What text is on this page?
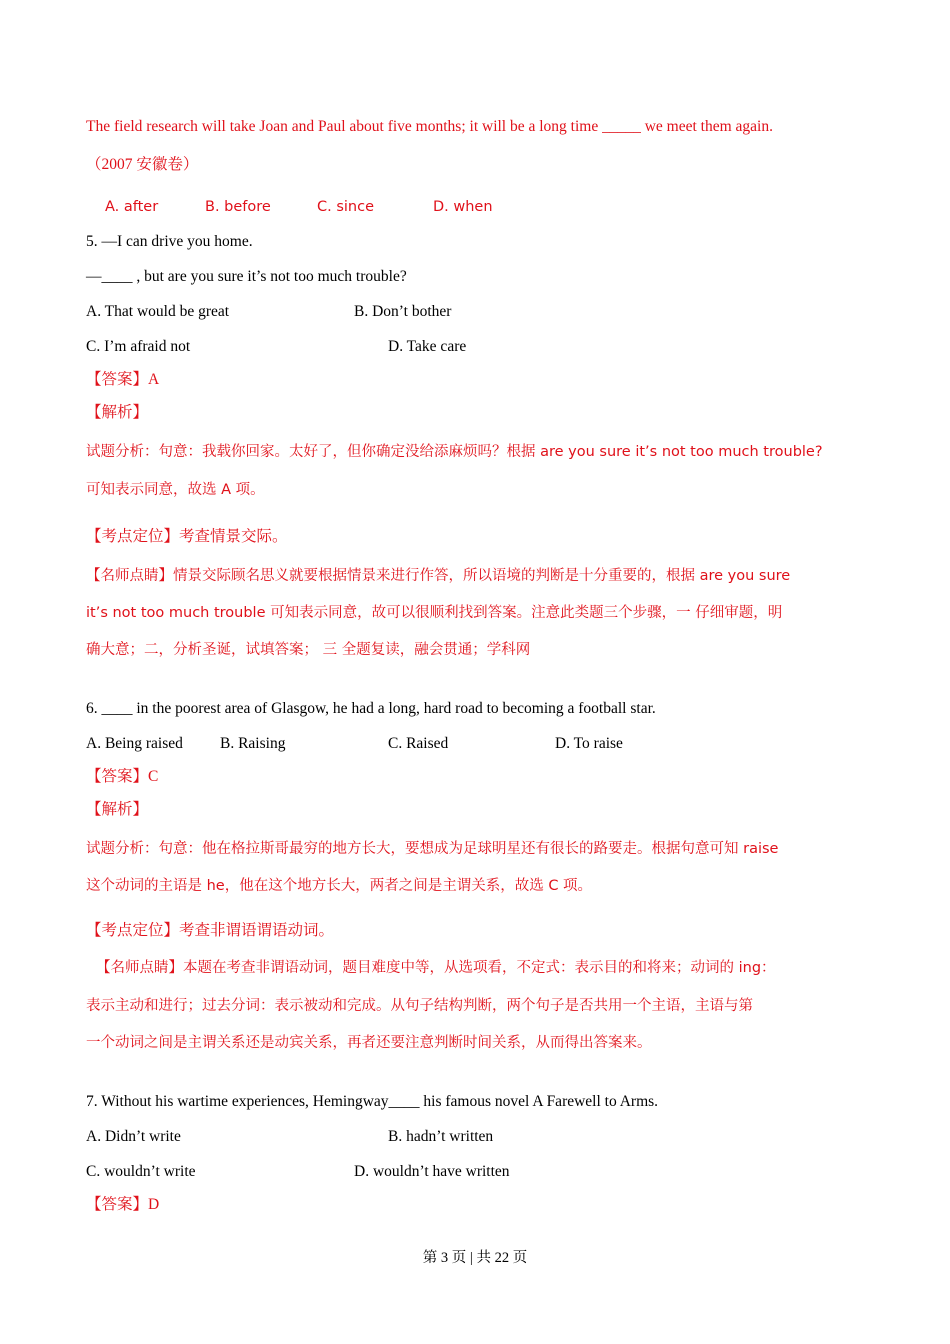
The field research will take Joan and Paul about five months; it will be a long time _____ we meet them again.
（2007 安徽卷）
A. after	B. before	C. since	D. when
5. —I can drive you home.
—____ , but are you sure it’s not too much trouble?
A. That would be great	B. Don’t bother
C. I’m afraid not	D. Take care
【答案】A
【解析】
试题分析：句意：我载你回家。太好了，但你确定没给添麻烦吗？根据 are you sure it’s not too much trouble?
可知表示同意，故选 A 项。
【考点定位】考查情景交际。
【名师点睛】情景交际顾名思义就要根据情景来进行作答，所以语境的判断是十分重要的，根据 are you sure
it’s not too much trouble 可知表示同意，故可以很顺利找到答案。注意此类题三个步骤，一 仔细审题，明
确大意；二，分析圣诞，试填答案； 三 全题复读，融会贯通；学科网
6. ____ in the poorest area of Glasgow, he had a long, hard road to becoming a football star.
A. Being raised B. Raising	C. Raised	D. To raise
【答案】C
【解析】
试题分析：句意：他在格拉斯哥最穷的地方长大，要想成为足球明星还有很长的路要走。根据句意可知 raise
这个动词的主语是 he，他在这个地方长大，两者之间是主谓关系，故选 C 项。
【考点定位】考查非谓语谓语动词。
【名师点睛】本题在考查非谓语动词，题目难度中等，从选项看，不定式：表示目的和将来；动词的 ing：
表示主动和进行；过去分词：表示被动和完成。从句子结构判断，两个句子是否共用一个主语，主语与第
一个动词之间是主谓关系还是动宾关系，再者还要注意判断时间关系，从而得出答案来。
7. Without his wartime experiences, Hemingway____ his famous novel A Farewell to Arms.
A. Didn’t write	B. hadn’t written
C. wouldn’t write	D. wouldn’t have written
【答案】D
第 3 页 | 共 22 页
